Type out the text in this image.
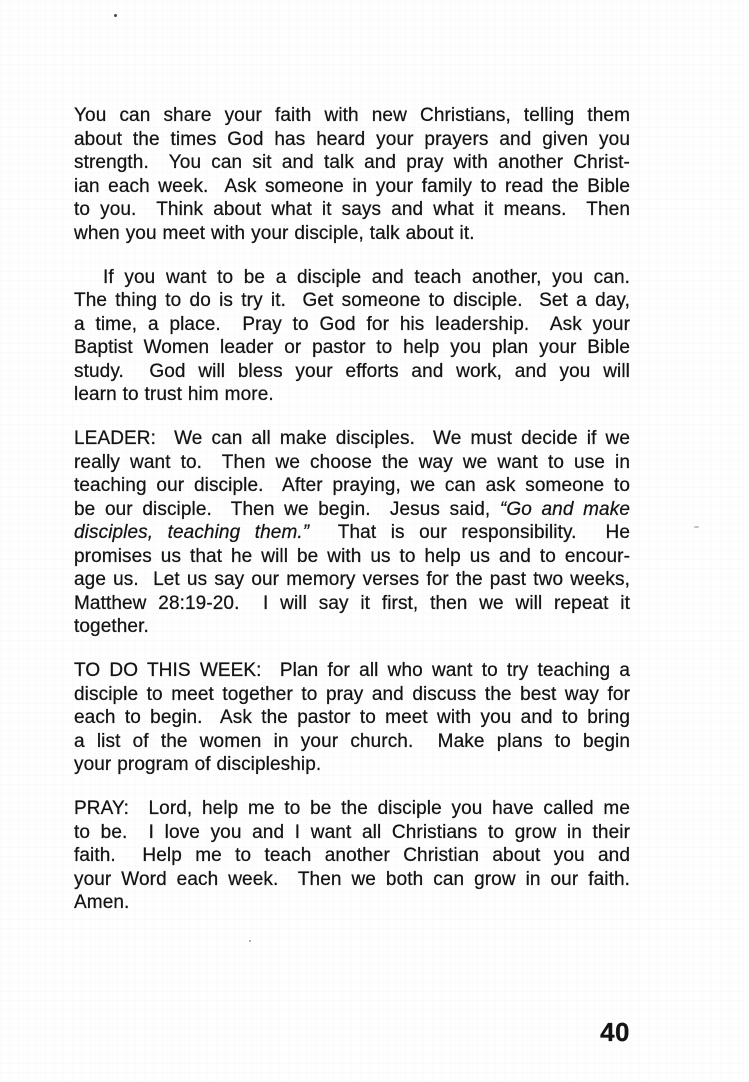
You can share your faith with new Christians, telling them
about the times God has heard your prayers and given you
strength.  You can sit and talk and pray with another Christ-
ian each week.  Ask someone in your family to read the Bible
to you.  Think about what it says and what it means.  Then
when you meet with your disciple, talk about it.
If you want to be a disciple and teach another, you can.
The thing to do is try it.  Get someone to disciple.  Set a day,
a time, a place.  Pray to God for his leadership.  Ask your
Baptist Women leader or pastor to help you plan your Bible
study.  God will bless your efforts and work, and you will
learn to trust him more.
LEADER:  We can all make disciples.  We must decide if we
really want to.  Then we choose the way we want to use in
teaching our disciple.  After praying, we can ask someone to
be our disciple.  Then we begin.  Jesus said, “Go and make
disciples, teaching them.”  That is our responsibility.  He
promises us that he will be with us to help us and to encour-
age us.  Let us say our memory verses for the past two weeks,
Matthew 28:19-20.  I will say it first, then we will repeat it
together.
TO DO THIS WEEK:  Plan for all who want to try teaching a
disciple to meet together to pray and discuss the best way for
each to begin.  Ask the pastor to meet with you and to bring
a list of the women in your church.  Make plans to begin
your program of discipleship.
PRAY:  Lord, help me to be the disciple you have called me
to be.  I love you and I want all Christians to grow in their
faith.  Help me to teach another Christian about you and
your Word each week.  Then we both can grow in our faith.
Amen.
40
